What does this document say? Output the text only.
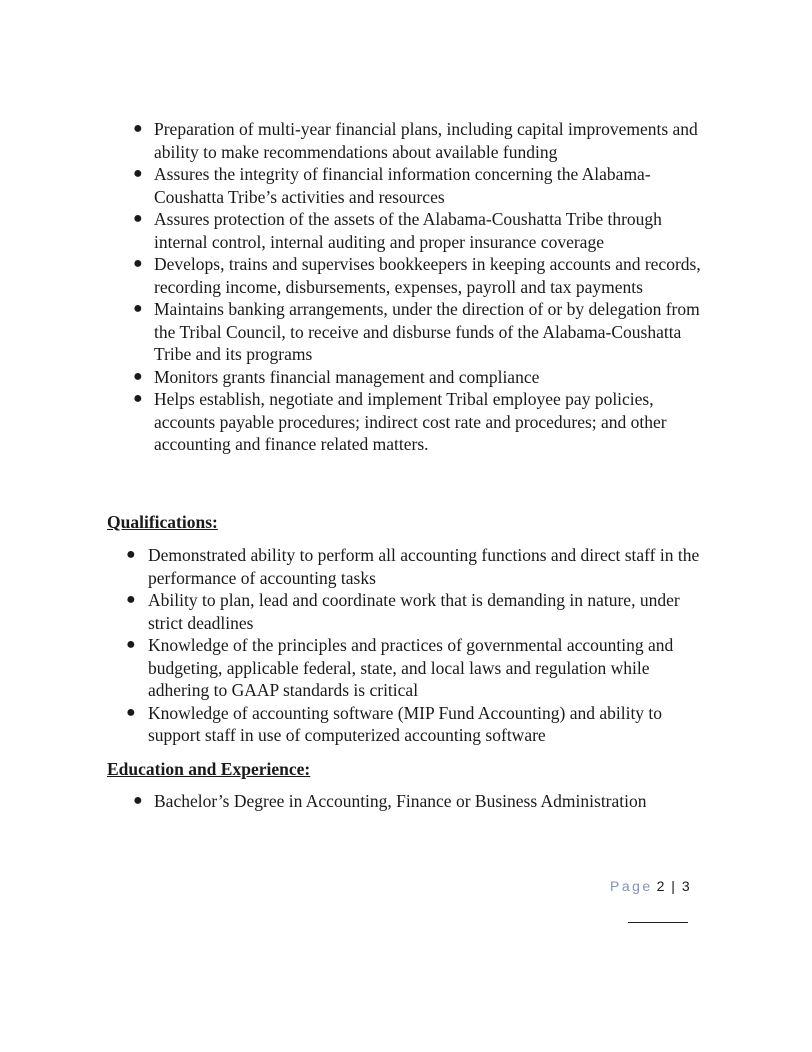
● Preparation of multi-year financial plans, including capital improvements and ability to make recommendations about available funding
● Assures the integrity of financial information concerning the Alabama-Coushatta Tribe’s activities and resources
● Assures protection of the assets of the Alabama-Coushatta Tribe through internal control, internal auditing and proper insurance coverage
● Develops, trains and supervises bookkeepers in keeping accounts and records, recording income, disbursements, expenses, payroll and tax payments
● Maintains banking arrangements, under the direction of or by delegation from the Tribal Council, to receive and disburse funds of the Alabama-Coushatta Tribe and its programs
● Monitors grants financial management and compliance
● Helps establish, negotiate and implement Tribal employee pay policies, accounts payable procedures; indirect cost rate and procedures; and other accounting and finance related matters.
Qualifications:
● Demonstrated ability to perform all accounting functions and direct staff in the performance of accounting tasks
● Ability to plan, lead and coordinate work that is demanding in nature, under strict deadlines
● Knowledge of the principles and practices of governmental accounting and budgeting, applicable federal, state, and local laws and regulation while adhering to GAAP standards is critical
● Knowledge of accounting software (MIP Fund Accounting) and ability to support staff in use of computerized accounting software
Education and Experience:
● Bachelor’s Degree in Accounting, Finance or Business Administration
Page 2 | 3
